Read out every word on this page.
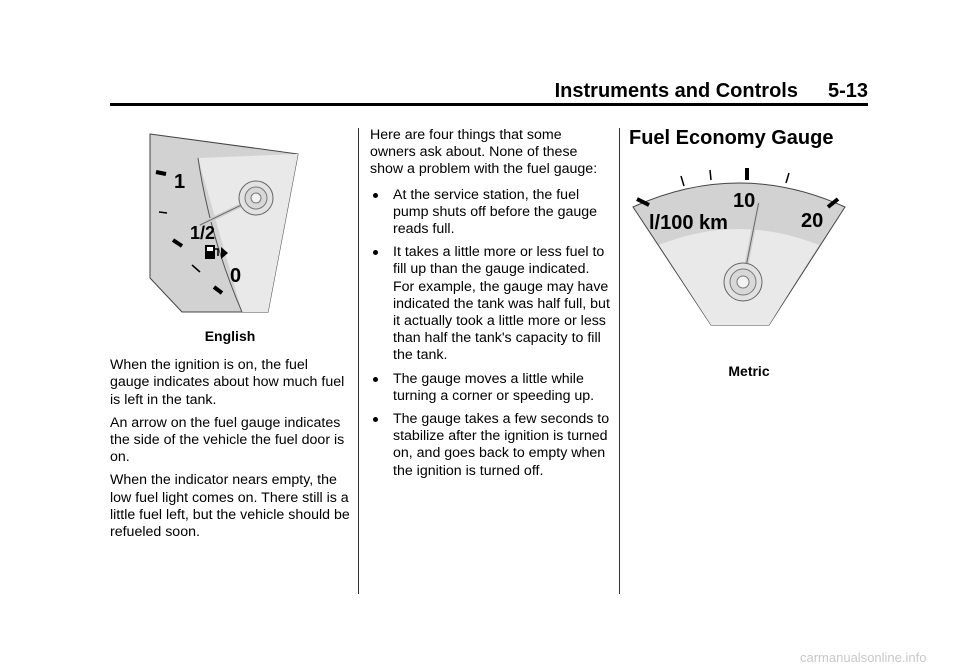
Instruments and Controls 5-13
1
1/2
0
English

When the ignition is on, the fuel gauge indicates about how much fuel is left in the tank.

An arrow on the fuel gauge indicates the side of the vehicle the fuel door is on.

When the indicator nears empty, the low fuel light comes on. There still is a little fuel left, but the vehicle should be refueled soon.

Here are four things that some owners ask about. None of these show a problem with the fuel gauge:

At the service station, the fuel pump shuts off before the gauge reads full.
It takes a little more or less fuel to fill up than the gauge indicated. For example, the gauge may have indicated the tank was half full, but it actually took a little more or less than half the tank's capacity to fill the tank.
The gauge moves a little while turning a corner or speeding up.
The gauge takes a few seconds to stabilize after the ignition is turned on, and goes back to empty when the ignition is turned off.
Fuel Economy Gauge
l/100 km
10
20
Metric
carmanualsonline.info
